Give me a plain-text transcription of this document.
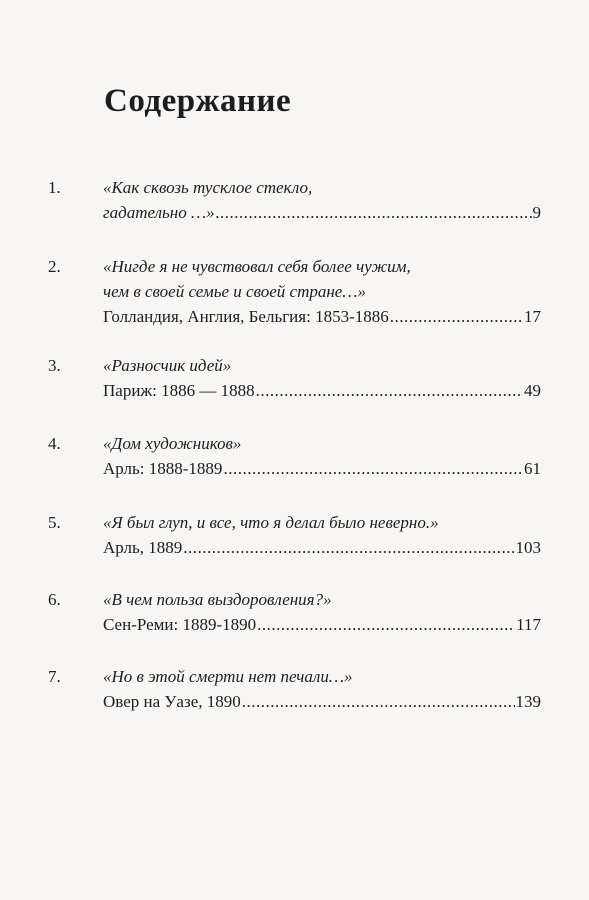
Содержание
1. «Как сквозь тусклое стекло,
гадательно …» .....	9
2. «Нигде я не чувствовал себя более чужим,
чем в своей семье и своей стране…»
Голландия, Англия, Бельгия: 1853-1886 .....	17
3. «Разносчик идей»
Париж: 1886 — 1888 .....	49
4. «Дом художников»
Арль: 1888-1889 .....	61
5. «Я был глуп, и все, что я делал было неверно.»
Арль, 1889 .....	103
6. «В чем польза выздоровления?»
Сен-Реми: 1889-1890 .....	117
7. «Но в этой смерти нет печали…»
Овер на Уазе, 1890 .....	139
